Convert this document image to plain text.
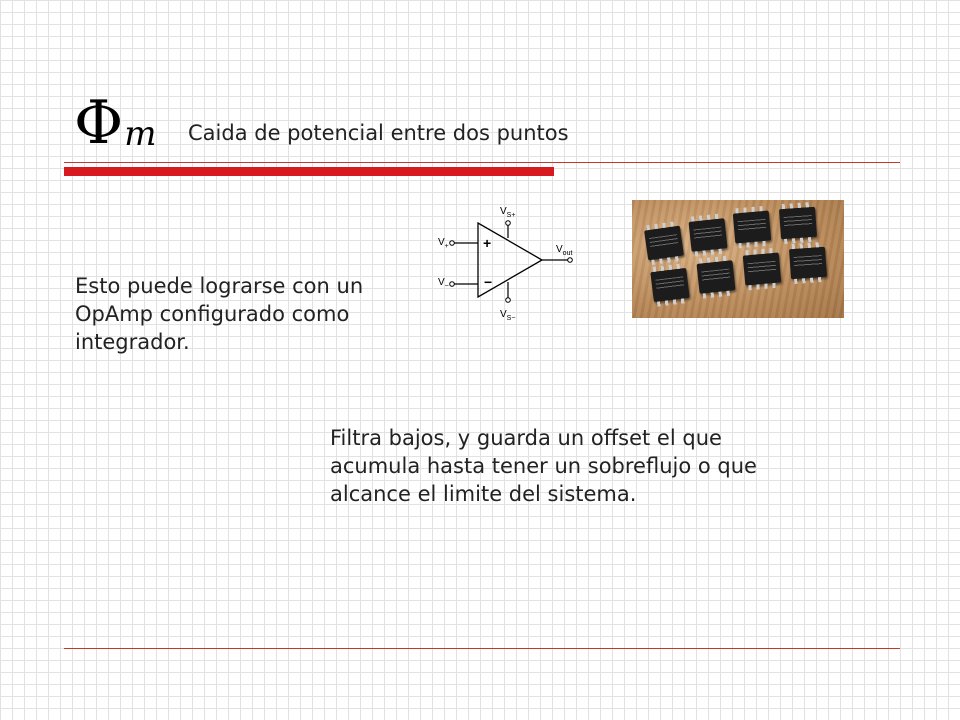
Φm	Caida de potencial entre dos puntos
Esto puede lograrse con un OpAmp configurado como integrador.
+
−
$V_{S+}$
$V_{S-}$
$V_+$
$V_-$
$V_{out}$
Filtra bajos, y guarda un offset el que acumula hasta tener un sobreflujo o que alcance el limite del sistema.
